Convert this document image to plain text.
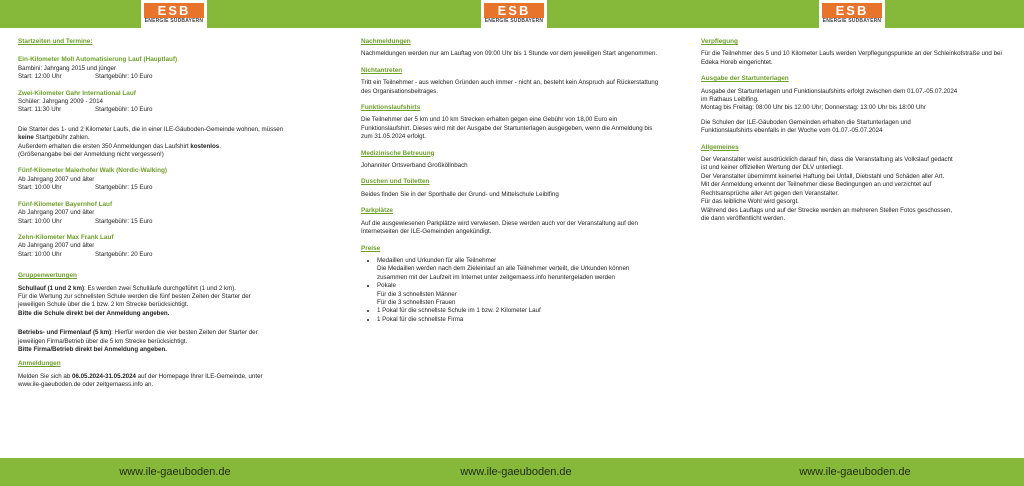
ESB
ENERGIE SÜDBAYERN
ESB
ENERGIE SÜDBAYERN
ESB
ENERGIE SÜDBAYERN

Startzeiten und Termine:

Ein-Kilometer Moll Automatisierung Lauf (Hauptlauf)

Bambini: Jahrgang 2015 und jünger

Start: 12:00 Uhr	Startgebühr: 10 Euro

Zwei-Kilometer Gahr International Lauf

Schüler: Jahrgang 2009 - 2014

Start: 11:30 Uhr	Startgebühr: 10 Euro

Die Starter des 1- und 2 Kilometer Laufs, die in einer ILE-Gäuboden-Gemeinde wohnen, müssen

keine Startgebühr zahlen.

Außerdem erhalten die ersten 350 Anmeldungen das Laufshirt kostenlos.

(Größenangabe bei der Anmeldung nicht vergessen!)

Fünf-Kilometer Maierhofer Walk (Nordic-Walking)

Ab Jahrgang 2007 und älter

Start: 10:00 Uhr	Startgebühr: 15 Euro

Fünf-Kilometer Bayernhof Lauf

Ab Jahrgang 2007 und älter

Start: 10:00 Uhr	Startgebühr: 15 Euro

Zehn-Kilometer Max Frank Lauf

Ab Jahrgang 2007 und älter

Start: 10:00 Uhr	Startgebühr: 20 Euro

Gruppenwertungen

Schullauf (1 und 2 km): Es werden zwei Schulläufe durchgeführt (1 und 2 km).

Für die Wertung zur schnellsten Schule werden die fünf besten Zeiten der Starter der

jeweiligen Schule über die 1 bzw. 2 km Strecke berücksichtigt.

Bitte die Schule direkt bei der Anmeldung angeben.

Betriebs- und Firmenlauf (5 km): Hierfür werden die vier besten Zeiten der Starter der

jeweiligen Firma/Betrieb über die 5 km Strecke berücksichtigt.

Bitte Firma/Betrieb direkt bei Anmeldung angeben.

Anmeldungen

Melden Sie sich ab 06.05.2024-31.05.2024 auf der Homepage Ihrer ILE-Gemeinde, unter

www.ile-gaeuboden.de oder zeitgemaess.info an.

Nachmeldungen

Nachmeldungen werden nur am Lauftag von 09:00 Uhr bis 1 Stunde vor dem jeweiligen Start angenommen.

Nichtantreten

Tritt ein Teilnehmer - aus welchen Gründen auch immer - nicht an, besteht kein Anspruch auf Rückerstattung des Organisationsbeitrages.

Funktionslaufshirts

Die Teilnehmer der 5 km und 10 km Strecken erhalten gegen eine Gebühr von 18,00 Euro ein Funktionslaufshirt. Dieses wird mit der Ausgabe der Startunterlagen ausgegeben, wenn die Anmeldung bis zum 31.05.2024 erfolgt.

Medizinische Betreuung

Johanniter Ortsverband Großköllnbach

Duschen und Toiletten

Beides finden Sie in der Sporthalle der Grund- und Mittelschule Leiblfing

Parkplätze

Auf die ausgewiesenen Parkplätze wird verwiesen. Diese werden auch vor der Veranstaltung auf den Internetseiten der ILE-Gemeinden angekündigt.

Preise

• Medaillen und Urkunden für alle Teilnehmer
Die Medaillen werden nach dem Zieleinlauf an alle Teilnehmer verteilt, die Urkunden können zusammen mit der Laufzeit im Internet unter zeitgemaess.info heruntergeladen werden
• Pokale
Für die 3 schnellsten Männer
Für die 3 schnellsten Frauen
• 1 Pokal für die schnellste Schule im 1 bzw. 2 Kilometer Lauf
• 1 Pokal für die schnellste Firma

Verpflegung

Für die Teilnehmer des 5 und 10 Kilometer Laufs werden Verpflegungspunkte an der Schleinkofstraße und bei Edeka Horeb eingerichtet.

Ausgabe der Startunterlagen

Ausgabe der Startunterlagen und Funktionslaufshirts erfolgt zwischen dem 01.07.-05.07.2024

im Rathaus Leiblfing.

Montag bis Freitag: 08:00 Uhr bis 12:00 Uhr; Donnerstag: 13:00 Uhr bis 18:00 Uhr

Die Schulen der ILE-Gäuboden Gemeinden erhalten die Startunterlagen und

Funktionslaufshirts ebenfalls in der Woche vom 01.07.-05.07.2024

Allgemeines

Der Veranstalter weist ausdrücklich darauf hin, dass die Veranstaltung als Volkslauf gedacht

ist und keiner offiziellen Wertung der DLV unterliegt.

Der Veranstalter übernimmt keinerlei Haftung bei Unfall, Diebstahl und Schäden aller Art.

Mit der Anmeldung erkennt der Teilnehmer diese Bedingungen an und verzichtet auf

Rechtsansprüche aller Art gegen den Veranstalter.

Für das leibliche Wohl wird gesorgt.

Während des Lauftags und auf der Strecke werden an mehreren Stellen Fotos geschossen,

die dann veröffentlicht werden.

www.ile-gaeuboden.de	www.ile-gaeuboden.de	www.ile-gaeuboden.de
